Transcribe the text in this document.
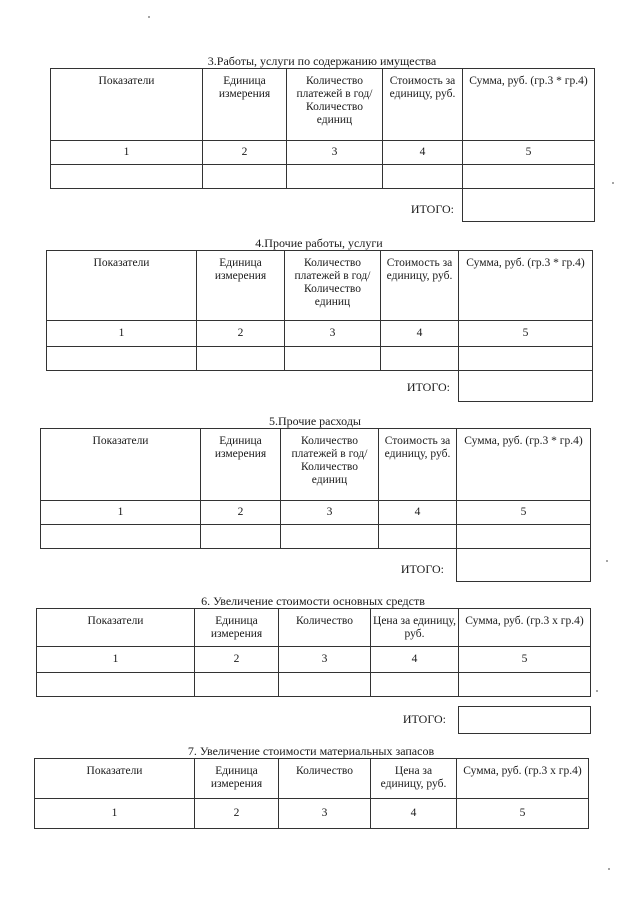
3.Работы, услуги по содержанию имущества
Показатели	Единица измерения	Количество платежей в год/Количество единиц	Стоимость за единицу, руб.	Сумма, руб. (гр.3 * гр.4)
1	2	3	4	5

ИТОГО:
4.Прочие работы, услуги
Показатели	Единица измерения	Количество платежей в год/Количество единиц	Стоимость за единицу, руб.	Сумма, руб. (гр.3 * гр.4)
1	2	3	4	5

ИТОГО:
5.Прочие расходы
Показатели	Единица измерения	Количество платежей в год/Количество единиц	Стоимость за единицу, руб.	Сумма, руб. (гр.3 * гр.4)
1	2	3	4	5

ИТОГО:
6. Увеличение стоимости основных средств
Показатели	Единица измерения	Количество	Цена за единицу, руб.	Сумма, руб. (гр.3 x гр.4)
1	2	3	4	5

ИТОГО:
7. Увеличение стоимости материальных запасов
Показатели	Единица измерения	Количество	Цена за единицу, руб.	Сумма, руб. (гр.3 x гр.4)
1	2	3	4	5
